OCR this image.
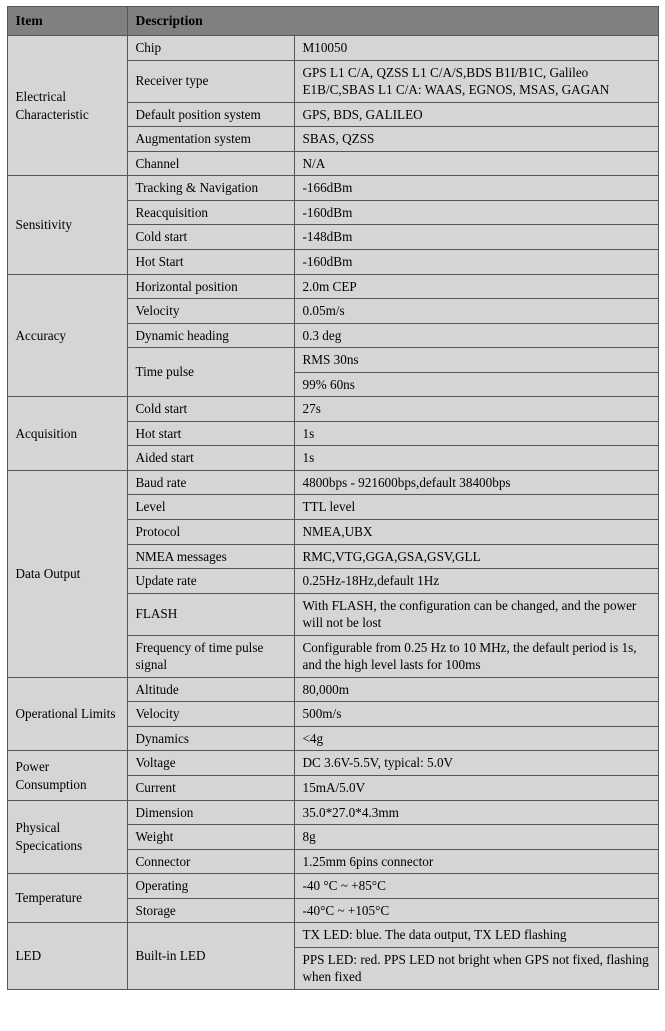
Item	Description	
Electrical Characteristic	Chip	M10050
	Receiver type	GPS L1 C/A, QZSS L1 C/A/S,BDS B1I/B1C, Galileo E1B/C,SBAS L1 C/A: WAAS, EGNOS, MSAS, GAGAN
	Default position system	GPS, BDS, GALILEO
	Augmentation system	SBAS, QZSS
	Channel	N/A
Sensitivity	Tracking & Navigation	-166dBm
	Reacquisition	-160dBm
	Cold start	-148dBm
	Hot Start	-160dBm
Accuracy	Horizontal position	2.0m CEP
	Velocity	0.05m/s
	Dynamic heading	0.3 deg
	Time pulse	RMS 30ns
		99% 60ns
Acquisition	Cold start	27s
	Hot start	1s
	Aided start	1s
Data Output	Baud rate	4800bps - 921600bps,default 38400bps
	Level	TTL level
	Protocol	NMEA,UBX
	NMEA messages	RMC,VTG,GGA,GSA,GSV,GLL
	Update rate	0.25Hz-18Hz,default 1Hz
	FLASH	With FLASH, the configuration can be changed, and the power will not be lost
	Frequency of time pulse signal	Configurable from 0.25 Hz to 10 MHz, the default period is 1s, and the high level lasts for 100ms
Operational Limits	Altitude	80,000m
	Velocity	500m/s
	Dynamics	<4g
Power Consumption	Voltage	DC 3.6V-5.5V, typical: 5.0V
	Current	15mA/5.0V
Physical Specications	Dimension	35.0*27.0*4.3mm
	Weight	8g
	Connector	1.25mm 6pins connector
Temperature	Operating	-40 °C ~ +85°C
	Storage	-40°C ~ +105°C
LED	Built-in LED	TX LED: blue. The data output, TX LED flashing
		PPS LED: red. PPS LED not bright when GPS not fixed, flashing when fixed
